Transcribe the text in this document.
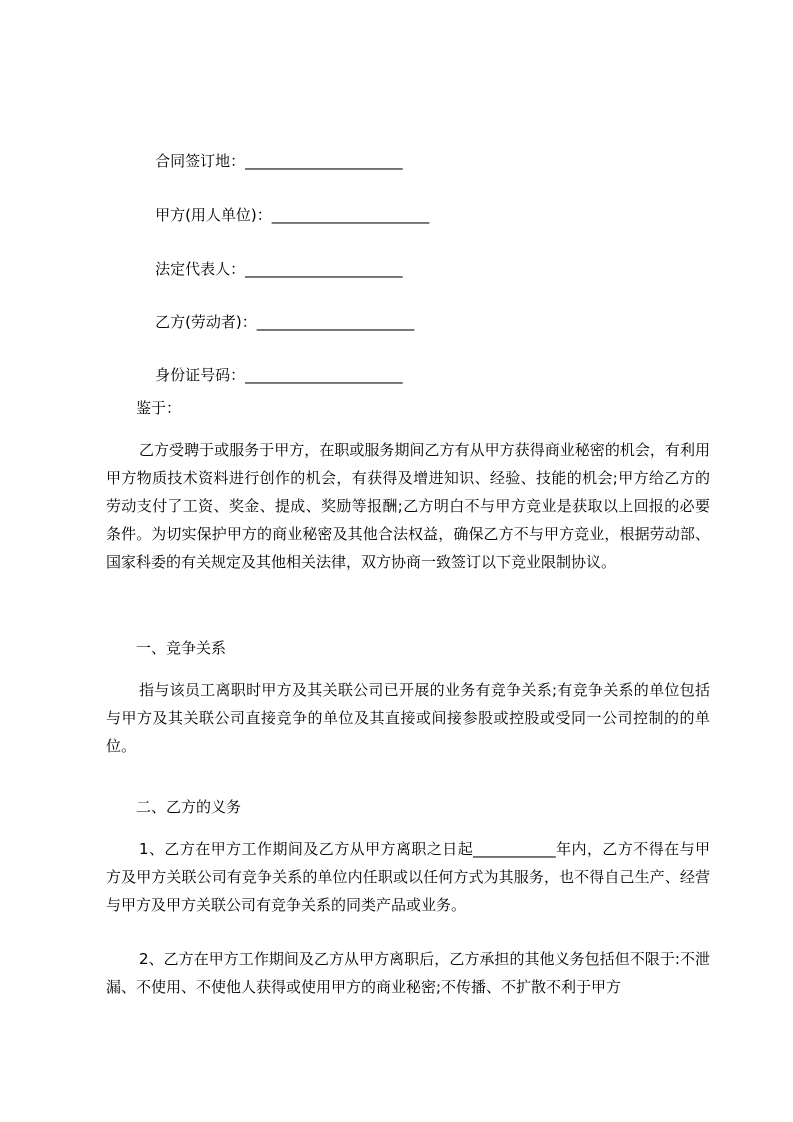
合同签订地：_____________________

甲方(用人单位)：_____________________

法定代表人：_____________________

乙方(劳动者)：_____________________

身份证号码：_____________________

鉴于：

乙方受聘于或服务于甲方，在职或服务期间乙方有从甲方获得商业秘密的机会，有利用甲方物质技术资料进行创作的机会，有获得及增进知识、经验、技能的机会;甲方给乙方的劳动支付了工资、奖金、提成、奖励等报酬;乙方明白不与甲方竞业是获取以上回报的必要条件。为切实保护甲方的商业秘密及其他合法权益，确保乙方不与甲方竞业，根据劳动部、国家科委的有关规定及其他相关法律，双方协商一致签订以下竞业限制协议。

一、竞争关系

指与该员工离职时甲方及其关联公司已开展的业务有竞争关系;有竞争关系的单位包括与甲方及其关联公司直接竞争的单位及其直接或间接参股或控股或受同一公司控制的的单位。

二、乙方的义务

1、乙方在甲方工作期间及乙方从甲方离职之日起___________年内，乙方不得在与甲方及甲方关联公司有竞争关系的单位内任职或以任何方式为其服务，也不得自己生产、经营与甲方及甲方关联公司有竞争关系的同类产品或业务。

2、乙方在甲方工作期间及乙方从甲方离职后，乙方承担的其他义务包括但不限于:不泄漏、不使用、不使他人获得或使用甲方的商业秘密;不传播、不扩散不利于甲方
